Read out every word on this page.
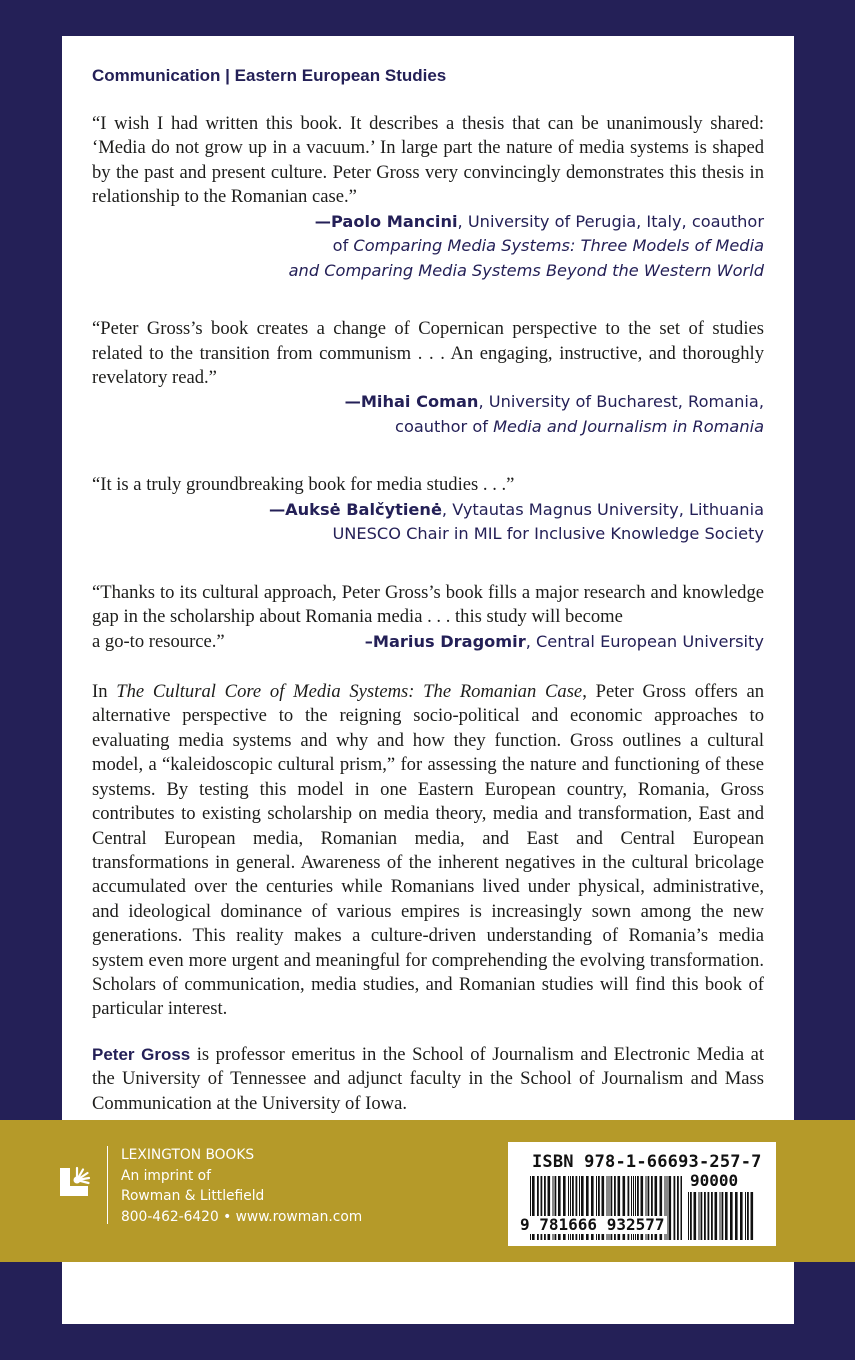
Communication | Eastern European Studies

“I wish I had written this book. It describes a thesis that can be unanimously shared: ‘Media do not grow up in a vacuum.’ In large part the nature of media systems is shaped by the past and present culture. Peter Gross very convincingly demonstrates this thesis in relationship to the Romanian case.”

—Paolo Mancini, University of Perugia, Italy, coauthor
of Comparing Media Systems: Three Models of Media
and Comparing Media Systems Beyond the Western World

“Peter Gross’s book creates a change of Copernican perspective to the set of studies related to the transition from communism . . . An engaging, instructive, and thoroughly revelatory read.”

—Mihai Coman, University of Bucharest, Romania,
coauthor of Media and Journalism in Romania

“It is a truly groundbreaking book for media studies . . .”

—Auksė Balčytienė, Vytautas Magnus University, Lithuania
UNESCO Chair in MIL for Inclusive Knowledge Society

“Thanks to its cultural approach, Peter Gross’s book fills a major research and knowledge gap in the scholarship about Romania media . . . this study will become

a go-to resource.”	–Marius Dragomir, Central European University

In The Cultural Core of Media Systems: The Romanian Case, Peter Gross offers an alternative perspective to the reigning socio-political and economic approaches to evaluating media systems and why and how they function. Gross outlines a cultural model, a “kaleidoscopic cultural prism,” for assessing the nature and functioning of these systems. By testing this model in one Eastern European country, Romania, Gross contributes to existing scholarship on media theory, media and transformation, East and Central European media, Romanian media, and East and Central European transformations in general. Awareness of the inherent negatives in the cultural bricolage accumulated over the centuries while Romanians lived under physical, administrative, and ideological dominance of various empires is increasingly sown among the new generations. This reality makes a culture-driven understanding of Romania’s media system even more urgent and meaningful for comprehending the evolving transformation. Scholars of communication, media studies, and Romanian studies will find this book of particular interest.

Peter Gross is professor emeritus in the School of Journalism and Electronic Media at the University of Tennessee and adjunct faculty in the School of Journalism and Mass Communication at the University of Iowa.

LEXINGTON BOOKS
An imprint of
Rowman & Littlefield
800-462-6420 • www.rowman.com
ISBN 978-1-66693-257-7
9 781666 932577
90000
